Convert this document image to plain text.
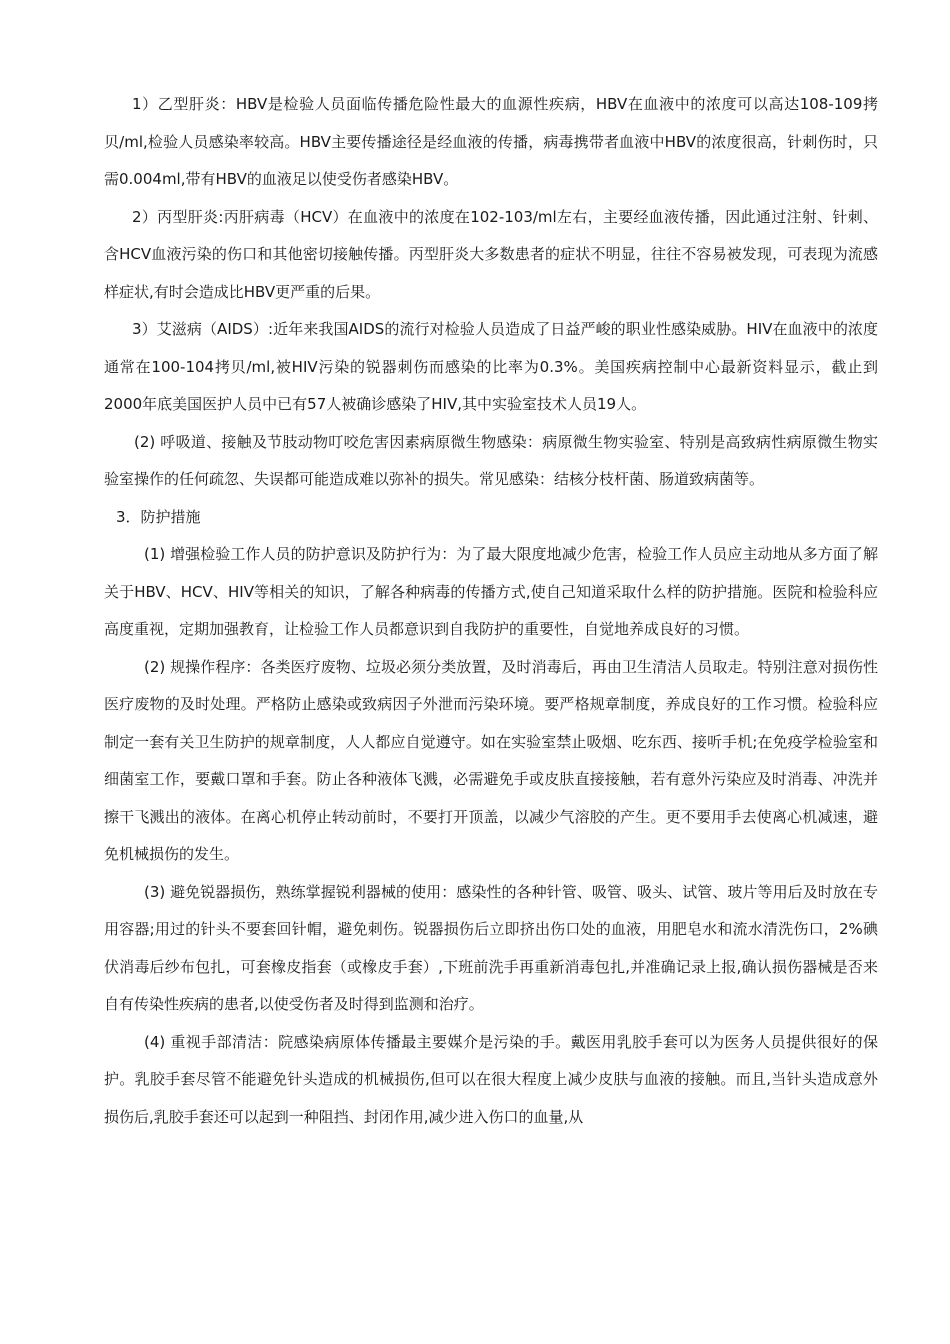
1）乙型肝炎：HBV是检验人员面临传播危险性最大的血源性疾病，HBV在血液中的浓度可以高达108-109拷贝/ml,检验人员感染率较高。HBV主要传播途径是经血液的传播，病毒携带者血液中HBV的浓度很高，针刺伤时，只需0.004ml,带有HBV的血液足以使受伤者感染HBV。

2）丙型肝炎:丙肝病毒（HCV）在血液中的浓度在102-103/ml左右，主要经血液传播，因此通过注射、针刺、含HCV血液污染的伤口和其他密切接触传播。丙型肝炎大多数患者的症状不明显，往往不容易被发现，可表现为流感样症状,有时会造成比HBV更严重的后果。

3）艾滋病（AIDS）:近年来我国AIDS的流行对检验人员造成了日益严峻的职业性感染威胁。HIV在血液中的浓度通常在100-104拷贝/ml,被HIV污染的锐器刺伤而感染的比率为0.3%。美国疾病控制中心最新资料显示，截止到2000年底美国医护人员中已有57人被确诊感染了HIV,其中实验室技术人员19人。

(2) 呼吸道、接触及节肢动物叮咬危害因素病原微生物感染：病原微生物实验室、特别是高致病性病原微生物实验室操作的任何疏忽、失误都可能造成难以弥补的损失。常见感染：结核分枝杆菌、肠道致病菌等。

3．防护措施

(1) 增强检验工作人员的防护意识及防护行为：为了最大限度地减少危害，检验工作人员应主动地从多方面了解关于HBV、HCV、HIV等相关的知识，了解各种病毒的传播方式,使自己知道采取什么样的防护措施。医院和检验科应高度重视，定期加强教育，让检验工作人员都意识到自我防护的重要性，自觉地养成良好的习惯。

(2) 规操作程序：各类医疗废物、垃圾必须分类放置，及时消毒后，再由卫生清洁人员取走。特别注意对损伤性医疗废物的及时处理。严格防止感染或致病因子外泄而污染环境。要严格规章制度，养成良好的工作习惯。检验科应制定一套有关卫生防护的规章制度，人人都应自觉遵守。如在实验室禁止吸烟、吃东西、接听手机;在免疫学检验室和细菌室工作，要戴口罩和手套。防止各种液体飞溅，必需避免手或皮肤直接接触，若有意外污染应及时消毒、冲洗并擦干飞溅出的液体。在离心机停止转动前时，不要打开顶盖，以减少气溶胶的产生。更不要用手去使离心机减速，避免机械损伤的发生。

(3) 避免锐器损伤，熟练掌握锐利器械的使用：感染性的各种针管、吸管、吸头、试管、玻片等用后及时放在专用容器;用过的针头不要套回针帽，避免刺伤。锐器损伤后立即挤出伤口处的血液，用肥皂水和流水清洗伤口，2%碘伏消毒后纱布包扎，可套橡皮指套（或橡皮手套）,下班前洗手再重新消毒包扎,并准确记录上报,确认损伤器械是否来自有传染性疾病的患者,以使受伤者及时得到监测和治疗。

(4) 重视手部清洁：院感染病原体传播最主要媒介是污染的手。戴医用乳胶手套可以为医务人员提供很好的保护。乳胶手套尽管不能避免针头造成的机械损伤,但可以在很大程度上减少皮肤与血液的接触。而且,当针头造成意外损伤后,乳胶手套还可以起到一种阻挡、封闭作用,减少进入伤口的血量,从
